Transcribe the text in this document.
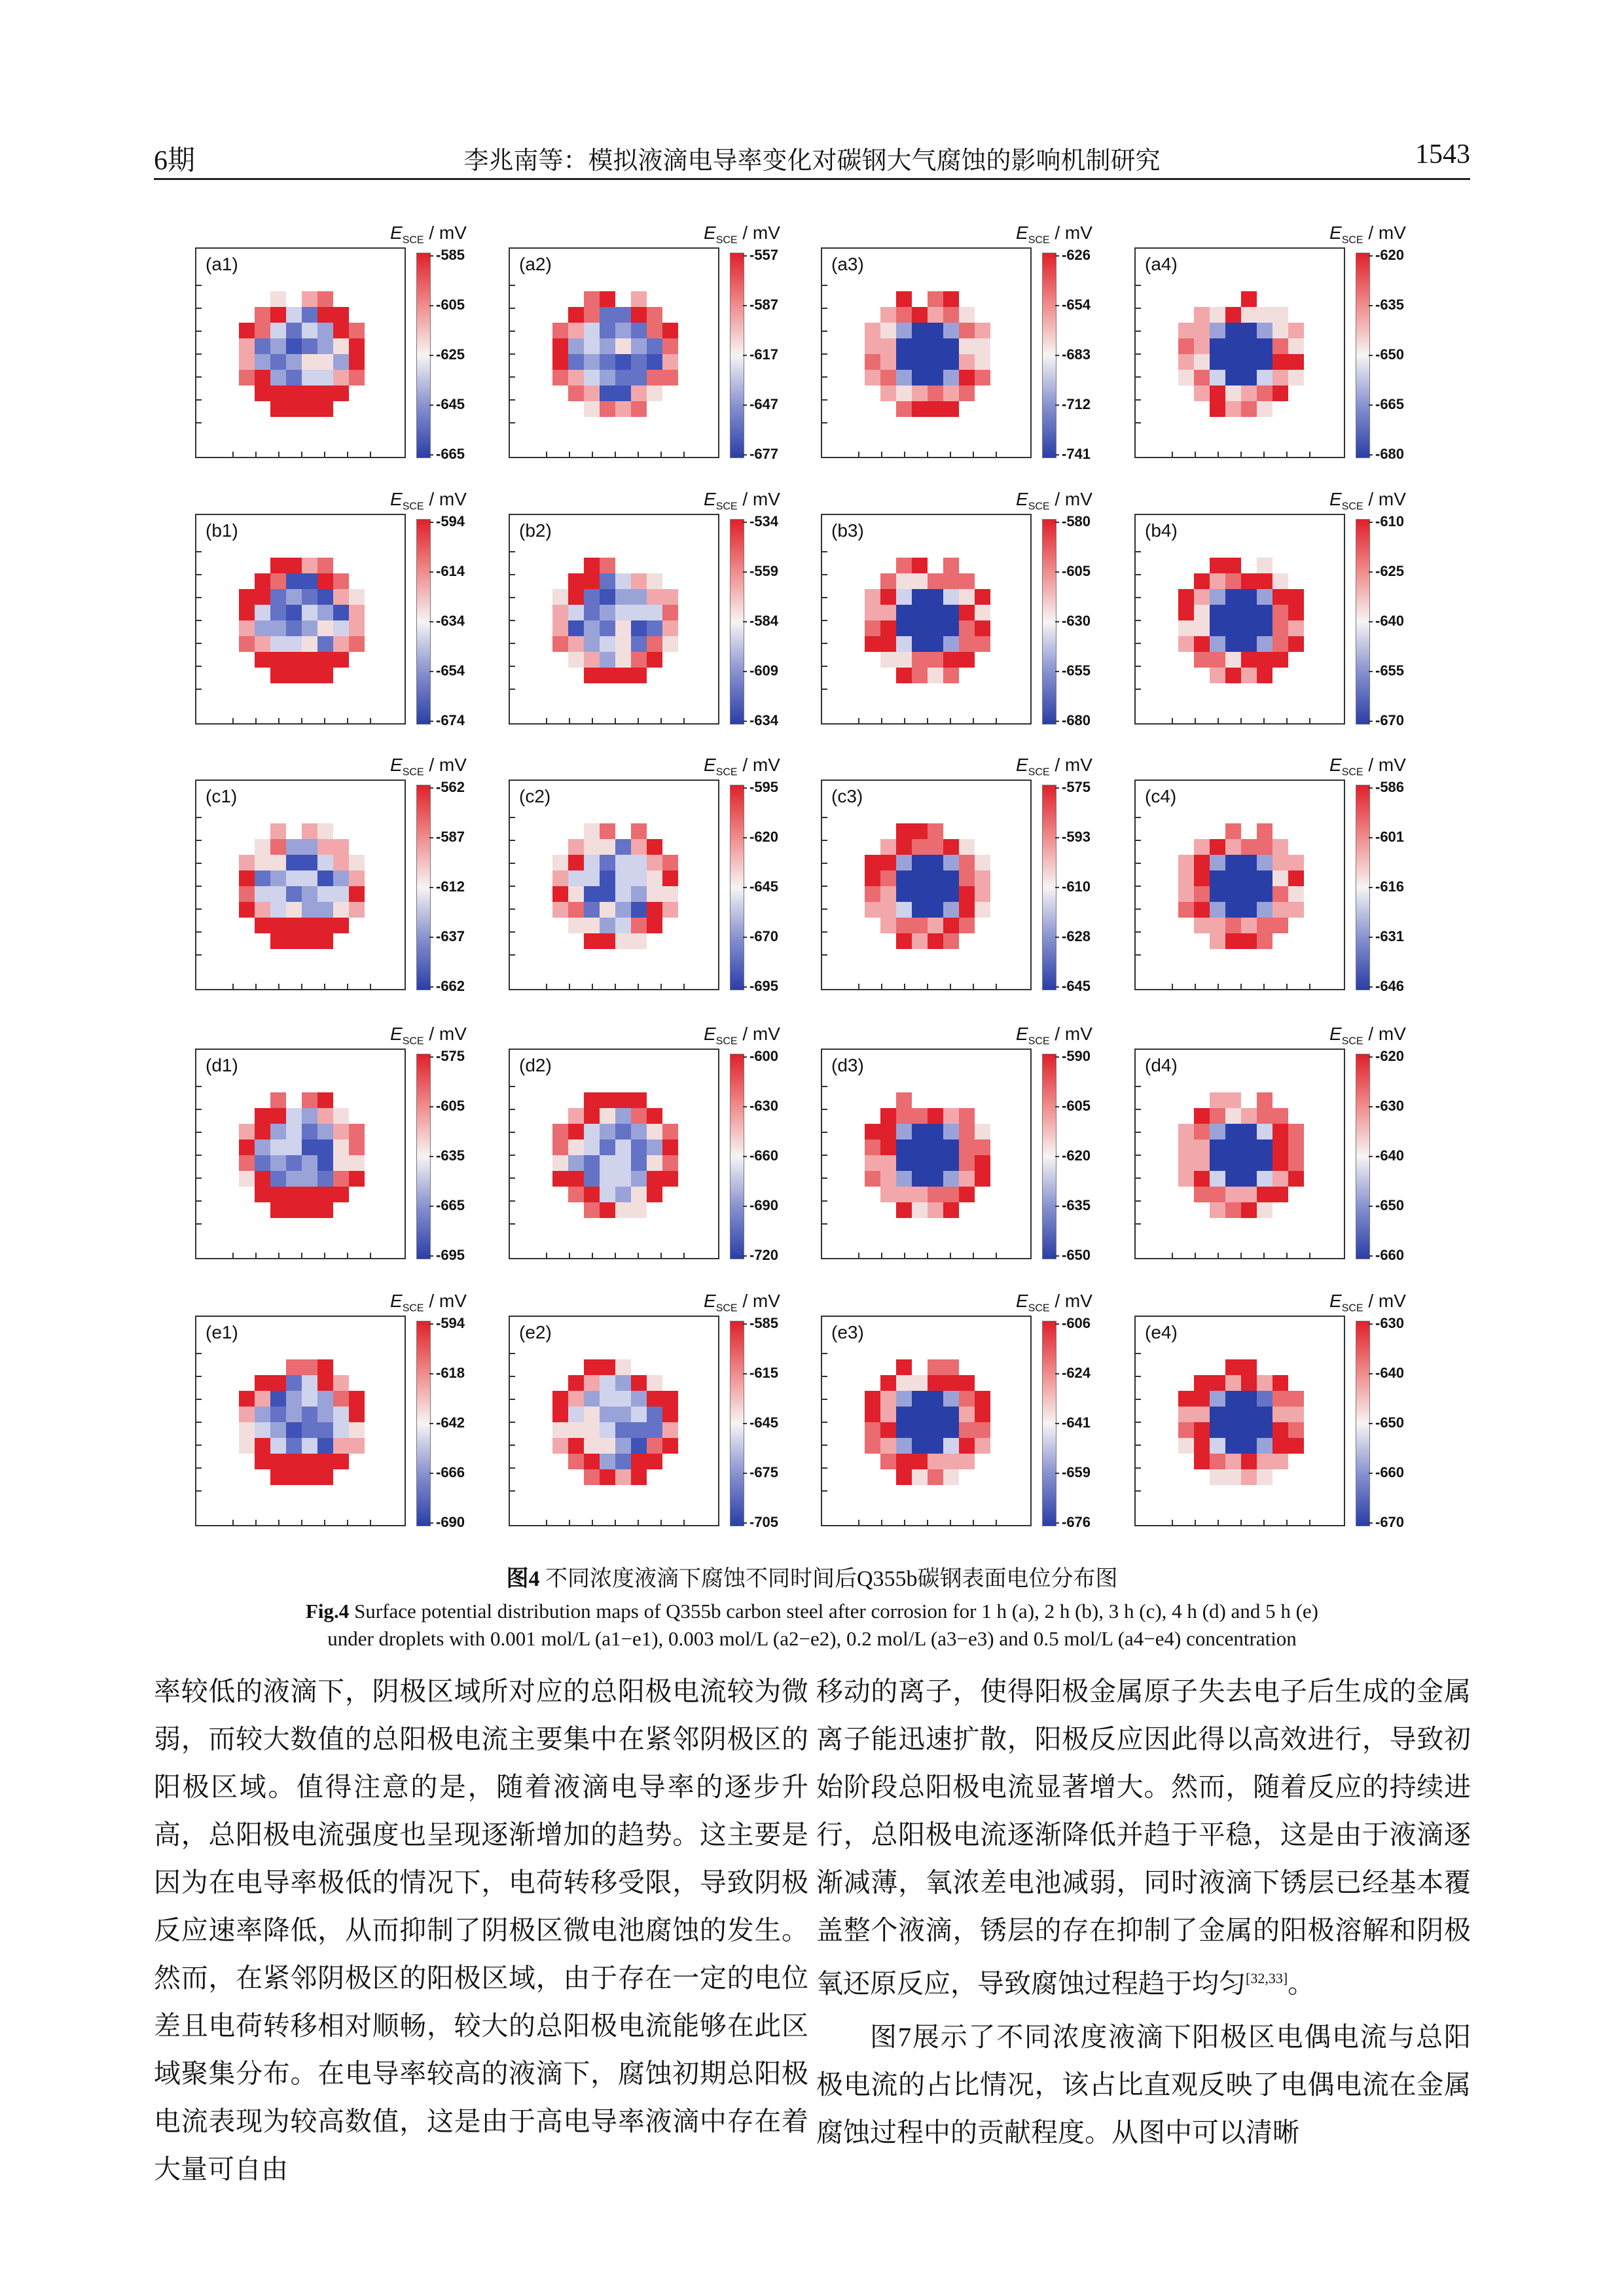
6期	李兆南等：模拟液滴电导率变化对碳钢大气腐蚀的影响机制研究	1543
$E_{SCE}$ / mV
(a1)	-585
-605
-625
-645
-665
$E_{SCE}$ / mV
(a2)	-557
-587
-617
-647
-677
$E_{SCE}$ / mV
(a3)	-626
-654
-683
-712
-741
$E_{SCE}$ / mV
(a4)	-620
-635
-650
-665
-680
$E_{SCE}$ / mV
(b1)	-594
-614
-634
-654
-674
$E_{SCE}$ / mV
(b2)	-534
-559
-584
-609
-634
$E_{SCE}$ / mV
(b3)	-580
-605
-630
-655
-680
$E_{SCE}$ / mV
(b4)	-610
-625
-640
-655
-670
$E_{SCE}$ / mV
(c1)	-562
-587
-612
-637
-662
$E_{SCE}$ / mV
(c2)	-595
-620
-645
-670
-695
$E_{SCE}$ / mV
(c3)	-575
-593
-610
-628
-645
$E_{SCE}$ / mV
(c4)	-586
-601
-616
-631
-646
$E_{SCE}$ / mV
(d1)	-575
-605
-635
-665
-695
$E_{SCE}$ / mV
(d2)	-600
-630
-660
-690
-720
$E_{SCE}$ / mV
(d3)	-590
-605
-620
-635
-650
$E_{SCE}$ / mV
(d4)	-620
-630
-640
-650
-660
$E_{SCE}$ / mV
(e1)	-594
-618
-642
-666
-690
$E_{SCE}$ / mV
(e2)	-585
-615
-645
-675
-705
$E_{SCE}$ / mV
(e3)	-606
-624
-641
-659
-676
$E_{SCE}$ / mV
(e4)	-630
-640
-650
-660
-670
图4 不同浓度液滴下腐蚀不同时间后Q355b碳钢表面电位分布图
Fig.4 Surface potential distribution maps of Q355b carbon steel after corrosion for 1 h (a), 2 h (b), 3 h (c), 4 h (d) and 5 h (e)
under droplets with 0.001 mol/L (a1−e1), 0.003 mol/L (a2−e2), 0.2 mol/L (a3−e3) and 0.5 mol/L (a4−e4) concentration

率较低的液滴下，阴极区域所对应的总阳极电流较为微弱，而较大数值的总阳极电流主要集中在紧邻阴极区的阳极区域。值得注意的是，随着液滴电导率的逐步升高，总阳极电流强度也呈现逐渐增加的趋势。这主要是因为在电导率极低的情况下，电荷转移受限，导致阴极反应速率降低，从而抑制了阴极区微电池腐蚀的发生。然而，在紧邻阴极区的阳极区域，由于存在一定的电位差且电荷转移相对顺畅，较大的总阳极电流能够在此区域聚集分布。在电导率较高的液滴下，腐蚀初期总阳极电流表现为较高数值，这是由于高电导率液滴中存在着大量可自由

移动的离子，使得阳极金属原子失去电子后生成的金属离子能迅速扩散，阳极反应因此得以高效进行，导致初始阶段总阳极电流显著增大。然而，随着反应的持续进行，总阳极电流逐渐降低并趋于平稳，这是由于液滴逐渐减薄，氧浓差电池减弱，同时液滴下锈层已经基本覆盖整个液滴，锈层的存在抑制了金属的阳极溶解和阴极氧还原反应，导致腐蚀过程趋于均匀[32,33]。

图7展示了不同浓度液滴下阳极区电偶电流与总阳极电流的占比情况，该占比直观反映了电偶电流在金属腐蚀过程中的贡献程度。从图中可以清晰
